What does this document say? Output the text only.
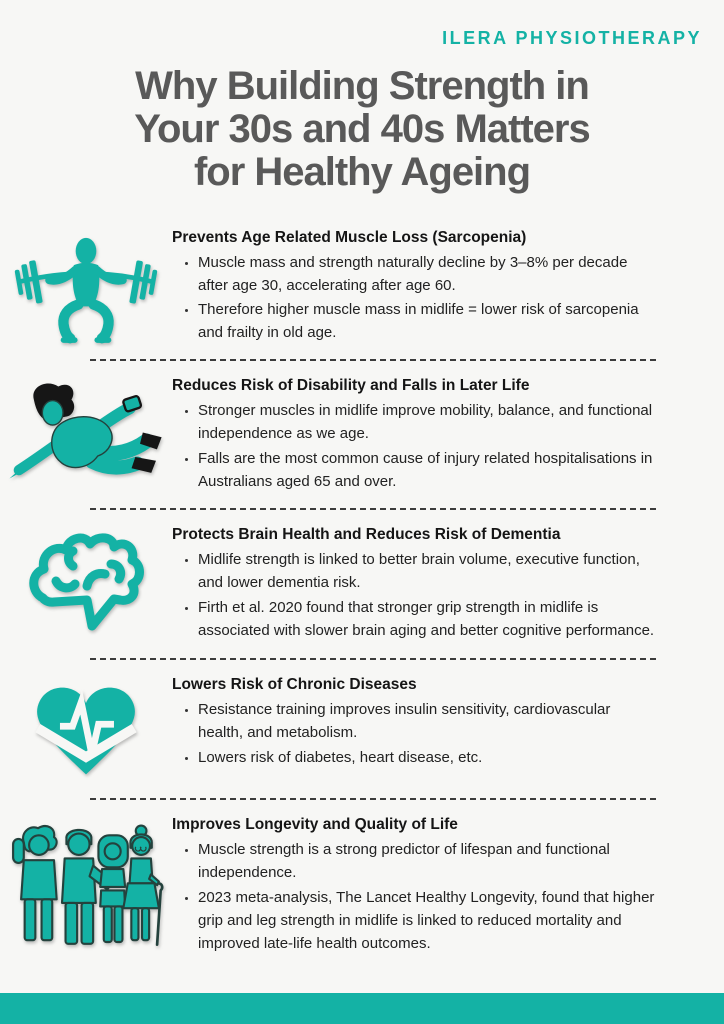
ILERA PHYSIOTHERAPY
Why Building Strength in
Your 30s and 40s Matters
for Healthy Ageing
Prevents Age Related Muscle Loss (Sarcopenia)
• Muscle mass and strength naturally decline by 3–8% per decade after age 30, accelerating after age 60.
• Therefore higher muscle mass in midlife = lower risk of sarcopenia and frailty in old age.
Reduces Risk of Disability and Falls in Later Life
• Stronger muscles in midlife improve mobility, balance, and functional independence as we age.
• Falls are the most common cause of injury related hospitalisations in Australians aged 65 and over.
Protects Brain Health and Reduces Risk of Dementia
• Midlife strength is linked to better brain volume, executive function, and lower dementia risk.
• Firth et al. 2020 found that stronger grip strength in midlife is associated with slower brain aging and better cognitive performance.
Lowers Risk of Chronic Diseases
• Resistance training improves insulin sensitivity, cardiovascular health, and metabolism.
• Lowers risk of diabetes, heart disease, etc.
Improves Longevity and Quality of Life
• Muscle strength is a strong predictor of lifespan and functional independence.
• 2023 meta-analysis, The Lancet Healthy Longevity, found that higher grip and leg strength in midlife is linked to reduced mortality and improved late-life health outcomes.
